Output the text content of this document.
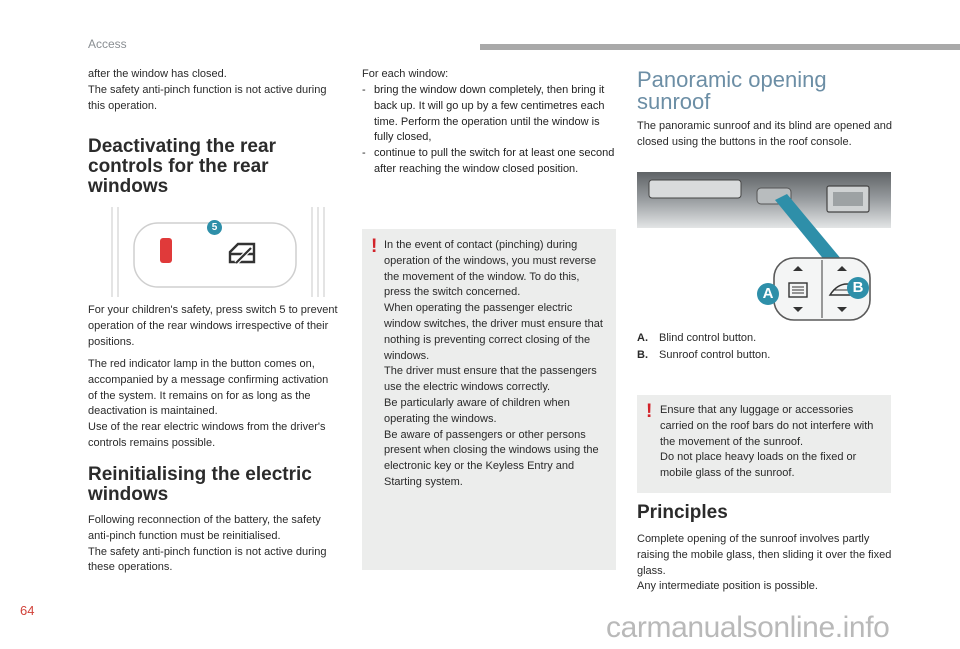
Access

after the window has closed.
The safety anti-pinch function is not active during this operation.

Deactivating the rear controls for the rear windows
5

For your children's safety, press switch 5 to prevent operation of the rear windows irrespective of their positions.

The red indicator lamp in the button comes on, accompanied by a message confirming activation of the system. It remains on for as long as the deactivation is maintained.
Use of the rear electric windows from the driver's controls remains possible.

Reinitialising the electric windows

Following reconnection of the battery, the safety anti-pinch function must be reinitialised.
The safety anti-pinch function is not active during these operations.

For each window:

- bring the window down completely, then bring it back up. It will go up by a few centimetres each time. Perform the operation until the window is fully closed,
- continue to pull the switch for at least one second after reaching the window closed position.
! In the event of contact (pinching) during operation of the windows, you must reverse the movement of the window. To do this, press the switch concerned.
When operating the passenger electric window switches, the driver must ensure that nothing is preventing correct closing of the windows.
The driver must ensure that the passengers use the electric windows correctly.
Be particularly aware of children when operating the windows.
Be aware of passengers or other persons present when closing the windows using the electronic key or the Keyless Entry and Starting system.

Panoramic opening sunroof

The panoramic sunroof and its blind are opened and closed using the buttons in the roof console.

A	B
A. Blind control button.
B. Sunroof control button.
! Ensure that any luggage or accessories carried on the roof bars do not interfere with the movement of the sunroof.
Do not place heavy loads on the fixed or mobile glass of the sunroof.

Principles

Complete opening of the sunroof involves partly raising the mobile glass, then sliding it over the fixed glass.
Any intermediate position is possible.

64
carmanualsonline.info
